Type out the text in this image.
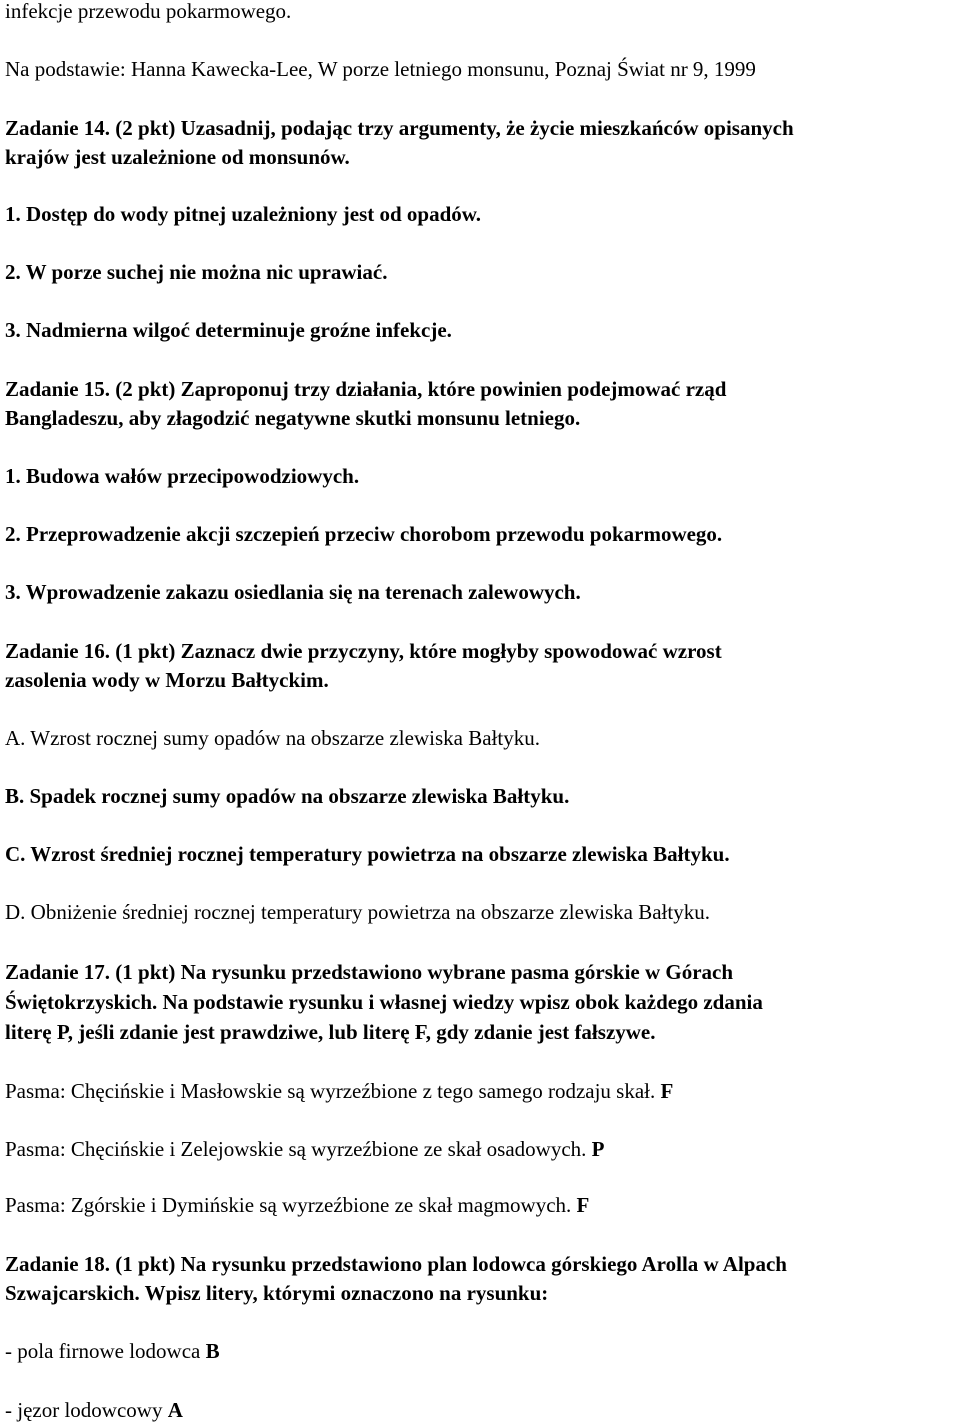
infekcje przewodu pokarmowego.
Na podstawie: Hanna Kawecka-Lee, W porze letniego monsunu, Poznaj Świat nr 9, 1999
Zadanie 14. (2 pkt) Uzasadnij, podając trzy argumenty, że życie mieszkańców opisanych
krajów jest uzależnione od monsunów.
1. Dostęp do wody pitnej uzależniony jest od opadów.
2. W porze suchej nie można nic uprawiać.
3. Nadmierna wilgoć determinuje groźne infekcje.
Zadanie 15. (2 pkt) Zaproponuj trzy działania, które powinien podejmować rząd
Bangladeszu, aby złagodzić negatywne skutki monsunu letniego.
1. Budowa wałów przecipowodziowych.
2. Przeprowadzenie akcji szczepień przeciw chorobom przewodu pokarmowego.
3. Wprowadzenie zakazu osiedlania się na terenach zalewowych.
Zadanie 16. (1 pkt) Zaznacz dwie przyczyny, które mogłyby spowodować wzrost
zasolenia wody w Morzu Bałtyckim.
A. Wzrost rocznej sumy opadów na obszarze zlewiska Bałtyku.
B. Spadek rocznej sumy opadów na obszarze zlewiska Bałtyku.
C. Wzrost średniej rocznej temperatury powietrza na obszarze zlewiska Bałtyku.
D. Obniżenie średniej rocznej temperatury powietrza na obszarze zlewiska Bałtyku.
Zadanie 17. (1 pkt) Na rysunku przedstawiono wybrane pasma górskie w Górach
Świętokrzyskich. Na podstawie rysunku i własnej wiedzy wpisz obok każdego zdania
literę P, jeśli zdanie jest prawdziwe, lub literę F, gdy zdanie jest fałszywe.
Pasma: Chęcińskie i Masłowskie są wyrzeźbione z tego samego rodzaju skał. F
Pasma: Chęcińskie i Zelejowskie są wyrzeźbione ze skał osadowych. P
Pasma: Zgórskie i Dymińskie są wyrzeźbione ze skał magmowych. F
Zadanie 18. (1 pkt) Na rysunku przedstawiono plan lodowca górskiego Arolla w Alpach
Szwajcarskich. Wpisz litery, którymi oznaczono na rysunku:
- pola firnowe lodowca B
- jęzor lodowcowy A
